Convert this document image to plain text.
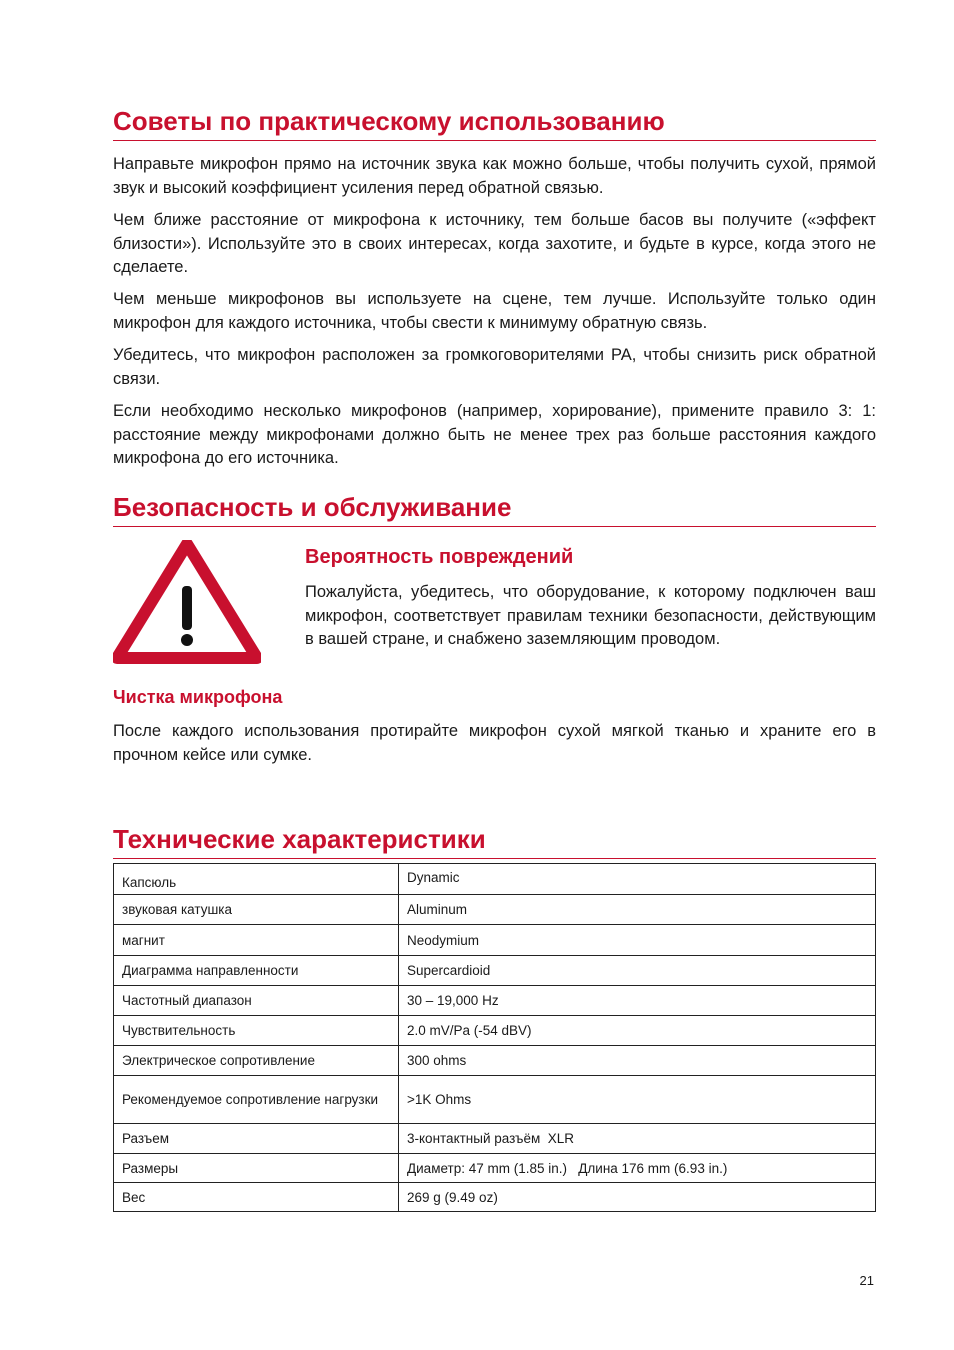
Советы по практическому использованию

Направьте микрофон прямо на источник звука как можно больше, чтобы получить сухой, прямой звук и высокий коэффициент усиления перед обратной связью.

Чем ближе расстояние от микрофона к источнику, тем больше басов вы получите («эффект близости»). Используйте это в своих интересах, когда захотите, и будьте в курсе, когда этого не сделаете.

Чем меньше микрофонов вы используете на сцене, тем лучше. Используйте только один микрофон для каждого источника, чтобы свести к минимуму обратную связь.

Убедитесь, что микрофон расположен за громкоговорителями PA, чтобы снизить риск обратной связи.

Если необходимо несколько микрофонов (например, хорирование), примените правило 3: 1: расстояние между микрофонами должно быть не менее трех раз больше расстояния каждого микрофона до его источника.

Безопасность и обслуживание
Вероятность повреждений

Пожалуйста, убедитесь, что оборудование, к которому подключен ваш микрофон, соответствует правилам техники безопасности, действующим в вашей стране, и снабжено заземляющим проводом.

Чистка микрофона

После каждого использования протирайте микрофон сухой мягкой тканью и храните его в прочном кейсе или сумке.

Технические характеристики
Капсюль	Dynamic
звуковая катушка	Aluminum
магнит	Neodymium
Диаграмма направленности	Supercardioid
Частотный диапазон	30 – 19,000 Hz
Чувствительность	2.0 mV/Pa (-54 dBV)
Электрическое сопротивление	300 ohms
Рекомендуемое сопротивление нагрузки	>1K Ohms
Разъем	3-контактный разъём  XLR
Размеры	Диаметр: 47 mm (1.85 in.)   Длина 176 mm (6.93 in.)
Вес	269 g (9.49 oz)
21
